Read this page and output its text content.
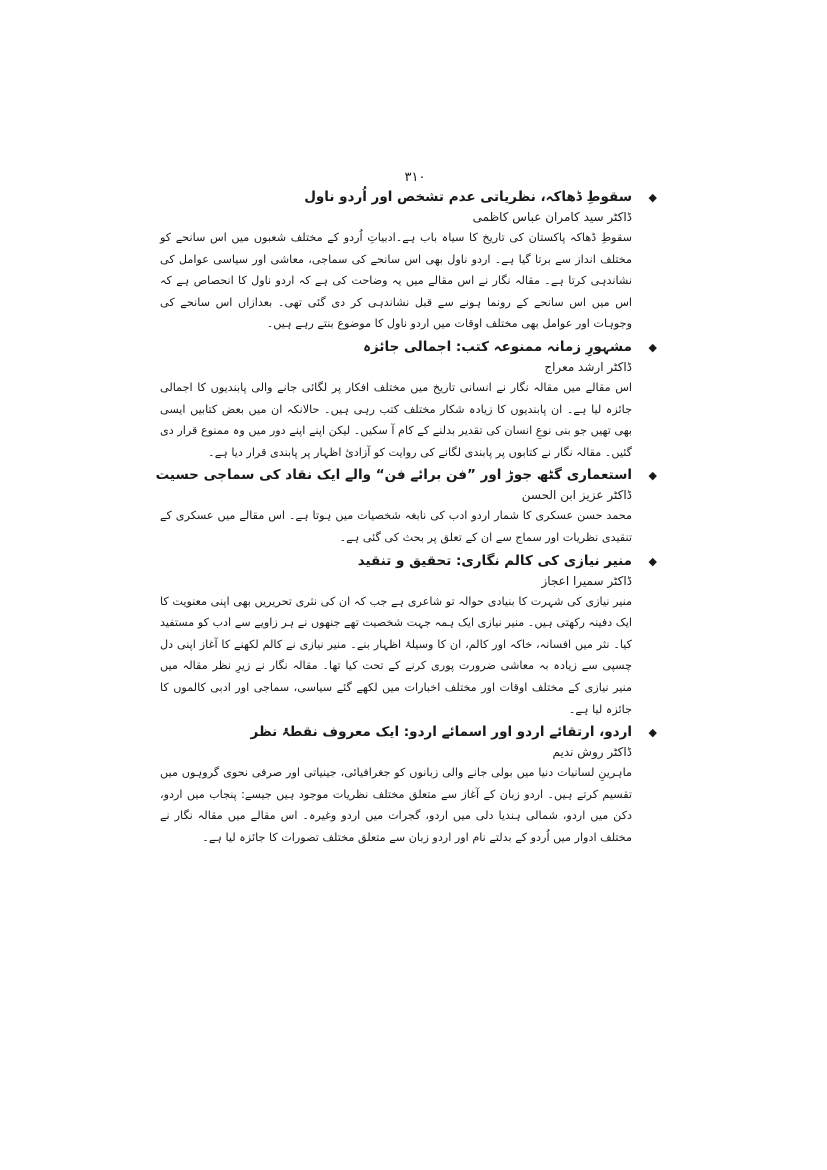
۳۱۰
◆
سقوطِ ڈھاکہ، نظریاتی عدم تشخص اور اُردو ناول
ڈاکٹر سید کامران عباس کاظمی
سقوطِ ڈھاکہ پاکستان کی تاریخ کا سیاہ باب ہے۔ادبیاتِ اُردو کے مختلف شعبوں میں اس سانحے کو مختلف انداز سے برتا گیا ہے۔ اردو ناول بھی اس سانحے کی سماجی، معاشی اور سیاسی عوامل کی نشاندہی کرتا ہے۔ مقالہ نگار نے اس مقالے میں یہ وضاحت کی ہے کہ اردو ناول کا انحصاص ہے کہ اس میں اس سانحے کے رونما ہونے سے قبل نشاندہی کر دی گئی تھی۔ بعدازاں اس سانحے کی وجوہات اور عوامل بھی مختلف اوقات میں اردو ناول کا موضوع بنتے رہے ہیں۔
◆
مشہورِ زمانہ ممنوعہ کتب: اجمالی جائزہ
ڈاکٹر ارشد معراج
اس مقالے میں مقالہ نگار نے انسانی تاریخ میں مختلف افکار پر لگائی جانے والی پابندیوں کا اجمالی جائزہ لیا ہے۔ ان پابندیوں کا زیادہ شکار مختلف کتب رہی ہیں۔ حالانکہ ان میں بعض کتابیں ایسی بھی تھیں جو بنی نوعِ انسان کی تقدیر بدلنے کے کام آ سکیں۔ لیکن اپنے اپنے دور میں وہ ممنوع قرار دی گئیں۔ مقالہ نگار نے کتابوں پر پابندی لگانے کی روایت کو آزادیٔ اظہار پر پابندی قرار دیا ہے۔
◆
استعماری گٹھ جوڑ اور ”فن برائے فن“ والے ایک نقاد کی سماجی حسیت
ڈاکٹر عزیز ابن الحسن
محمد حسن عسکری کا شمار اردو ادب کی نابغہ شخصیات میں ہوتا ہے۔ اس مقالے میں عسکری کے تنقیدی نظریات اور سماج سے ان کے تعلق پر بحث کی گئی ہے۔
◆
منیر نیازی کی کالم نگاری: تحقیق و تنقید
ڈاکٹر سمیرا اعجاز
منیر نیازی کی شہرت کا بنیادی حوالہ تو شاعری ہے جب کہ ان کی نثری تحریریں بھی اپنی معنویت کا ایک دفینہ رکھتی ہیں۔ منیر نیازی ایک ہمہ جہت شخصیت تھے جنھوں نے ہر زاویے سے ادب کو مستفید کیا۔ نثر میں افسانہ، خاکہ اور کالم، ان کا وسیلۂ اظہار بنے۔ منیر نیازی نے کالم لکھنے کا آغاز اپنی دل چسپی سے زیادہ بہ معاشی ضرورت پوری کرنے کے تحت کیا تھا۔ مقالہ نگار نے زیرِ نظر مقالہ میں منیر نیازی کے مختلف اوقات اور مختلف اخبارات میں لکھے گئے سیاسی، سماجی اور ادبی کالموں کا جائزہ لیا ہے۔
◆
اردو، ارتقائے اردو اور اسمائے اردو: ایک معروف نقطۂ نظر
ڈاکٹر روش ندیم
ماہرینِ لسانیات دنیا میں بولی جانے والی زبانوں کو جغرافیائی، جینیاتی اور صرفی نحوی گروہوں میں تقسیم کرتے ہیں۔ اردو زبان کے آغاز سے متعلق مختلف نظریات موجود ہیں جیسے: پنجاب میں اردو، دکن میں اردو، شمالی ہندیا دلی میں اردو، گجرات میں اردو وغیرہ۔ اس مقالے میں مقالہ نگار نے مختلف ادوار میں اُردو کے بدلتے نام اور اردو زبان سے متعلق مختلف تصورات کا جائزہ لیا ہے۔
